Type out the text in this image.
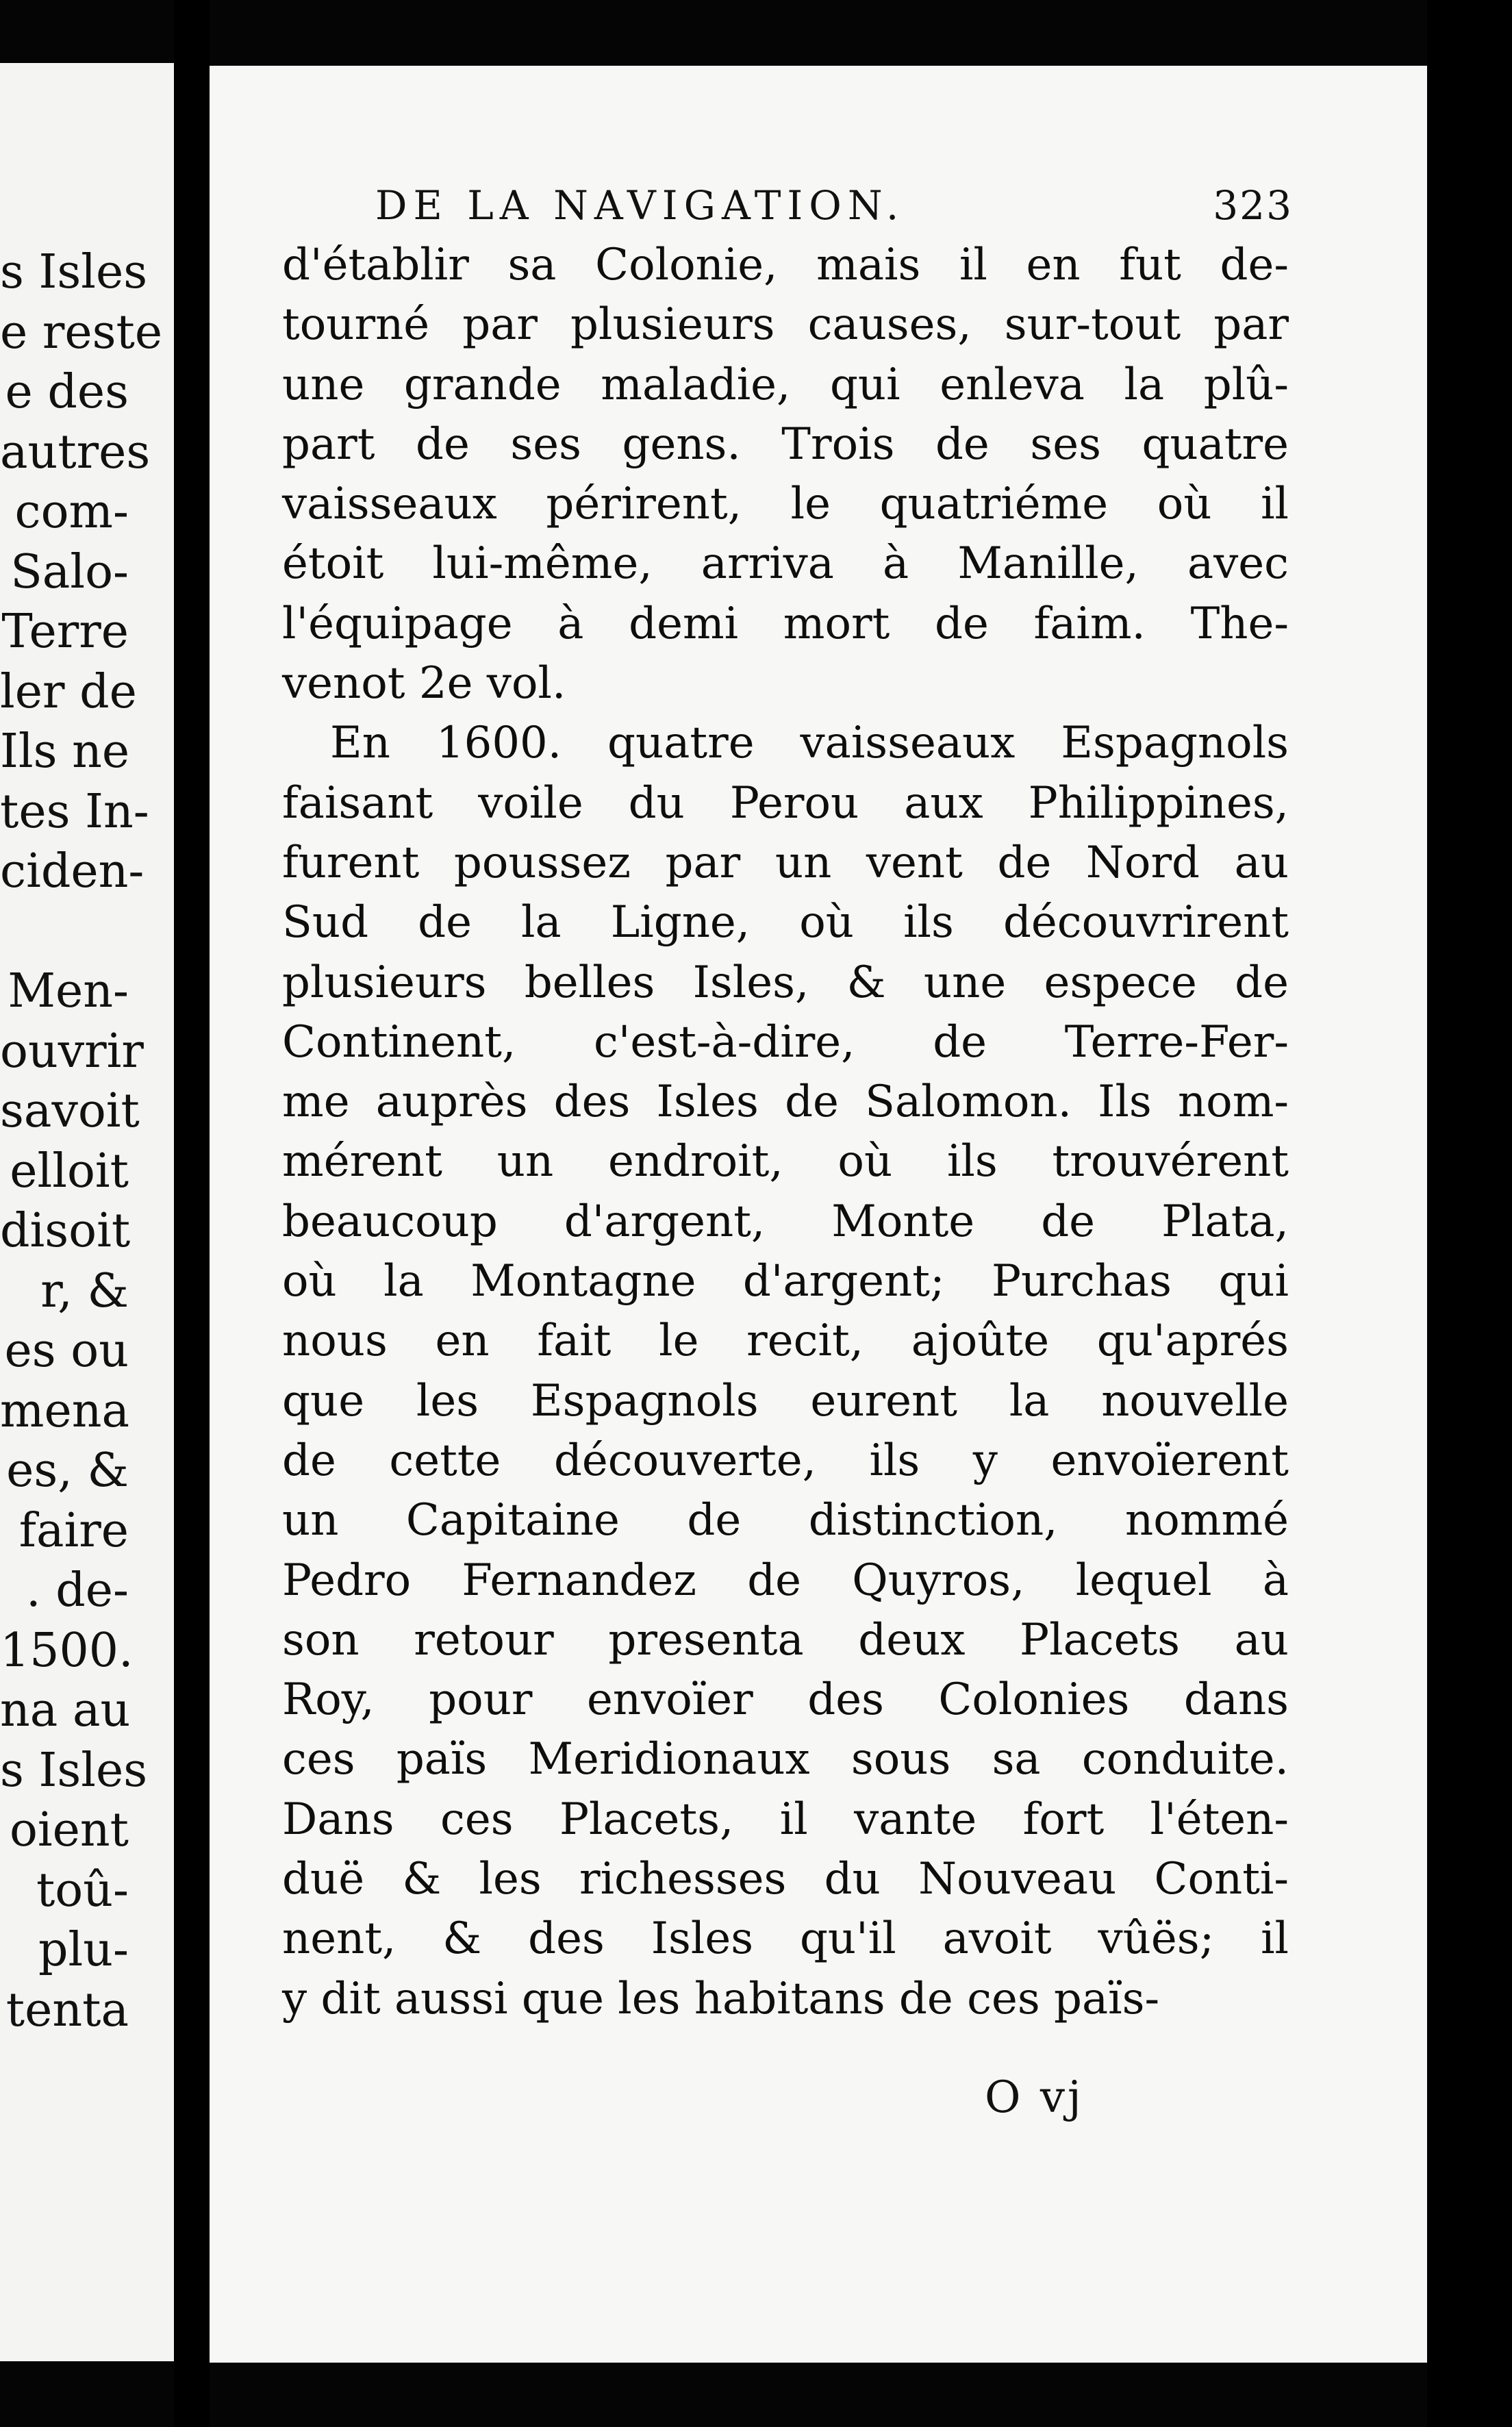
s Isles
e reste
e des
autres
com-
Salo-
Terre
ler de
Ils ne
tes In-
ciden-
Men-
ouvrir
savoit
elloit
disoit
r, &
es ou
mena
es, &
faire
. de-
1500.
na au
s Isles
oient
toû-
plu-
tenta
DE LA NAVIGATION.	323
d'établir sa Colonie, mais il en fut de-
tourné par plusieurs causes, sur-tout par
une grande maladie, qui enleva la plû-
part de ses gens. Trois de ses quatre
vaisseaux périrent, le quatriéme où il
étoit lui-même, arriva à Manille, avec
l'équipage à demi mort de faim. The-
venot 2e vol.
En 1600. quatre vaisseaux Espagnols
faisant voile du Perou aux Philippines,
furent poussez par un vent de Nord au
Sud de la Ligne, où ils découvrirent
plusieurs belles Isles, & une espece de
Continent, c'est-à-dire, de Terre-Fer-
me auprès des Isles de Salomon. Ils nom-
mérent un endroit, où ils trouvérent
beaucoup d'argent, Monte de Plata,
où la Montagne d'argent; Purchas qui
nous en fait le recit, ajoûte qu'aprés
que les Espagnols eurent la nouvelle
de cette découverte, ils y envoïerent
un Capitaine de distinction, nommé
Pedro Fernandez de Quyros, lequel à
son retour presenta deux Placets au
Roy, pour envoïer des Colonies dans
ces païs Meridionaux sous sa conduite.
Dans ces Placets, il vante fort l'éten-
duë & les richesses du Nouveau Conti-
nent, & des Isles qu'il avoit vûës; il
y dit aussi que les habitans de ces païs-
O vj
